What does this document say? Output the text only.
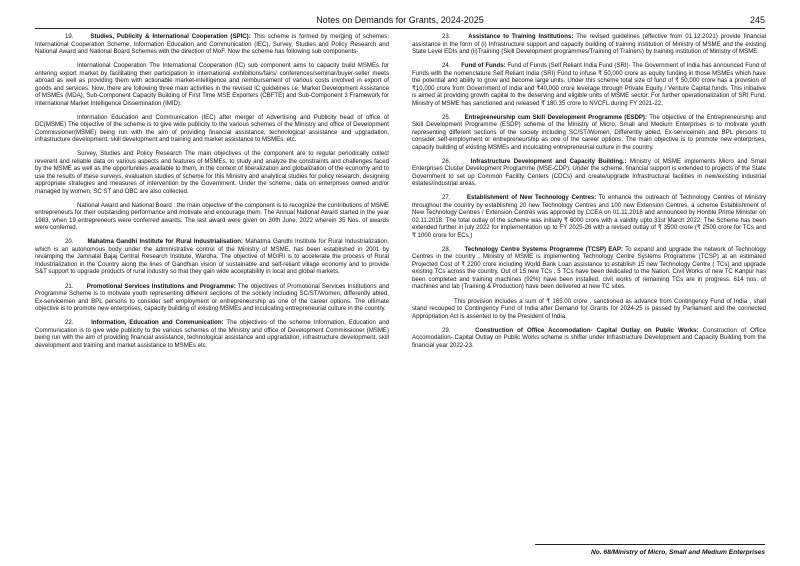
Notes on Demands for Grants, 2024-2025	245

19.	Studies, Publicity & International Cooperation (SPIC): This scheme is formed by merging of schemes: International Cooperation Scheme, Information Education and Communication (IEC), Survey, Studies and Policy Research and National Award and National Board Schemes with the direction of MoF. Now the scheme has following sub components-

International Cooperation The International Cooperation (IC) sub component aims to capacity build MSMEs for entering export market by facilitating their participation in international exhibitions/fairs/ conferences/seminar/buyer-seller meets abroad as well as providing them with actionable market-intelligence and reimbursement of various costs involved in export of goods and services. Now, there are following three main activities in the revised IC guidelines i.e. Market Development Assistance of MSMEs (MDA), Sub-Component Capacity Building of First Time MSE Exporters (CBFTE) and Sub-Component 3 Framework for International Market Intelligence Dissemination (IMID).

Information Education and Communication (IEC) after merger of Advertising and Publicity head of office of DC(MSME) The objective of the scheme is to give wide publicity to the various schemes of the Ministry and office of Development Commissioner(MSME) being run with the aim of providing financial assistance, technological assistance and upgradation, infrastructure development, skill development and training and market assistance to MSMEs, etc.

Survey, Studies and Policy Research The main objectives of the component are to regular periodically collect reverent and reliable data on various aspects and features of MSMEs, to study and analyze the constraints and challenges faced by the MSME as well as the opportunities available to them, in the context of liberalization and globalization of the economy and to use the results of these surveys, evaluation studies of scheme for this Ministry and analytical studies for policy research, designing appropriate strategies and measures of intervention by the Government. Under the scheme, data on enterprises owned and/or managed by women, SC ST and OBC are also collected.

National Award and National Board : the main objective of the component is to recognize the contributions of MSME entrepreneurs for their outstanding performance and motivate and encourage them. The Annual National Award started in the year 1983, when 19 entrepreneurs were conferred awards. The last award were given on 30th June, 2022 wherein 35 Nos. of awards were conferred.

20. Mahatma Gandhi Institute for Rural Industrialisation: Mahatma Gandhi Institute for Rural Industrialization, which is an autonomous body under the administrative control of the Ministry of MSME, has been established in 2001 by revamping the Jamnalal Bajaj Central Research Institute, Wardha. The objective of MGIRI is to accelerate the process of Rural Industrialization in the Country along the lines of Gandhian vision of sustainable and self-reliant village economy and to provide S&T support to upgrade products of rural industry so that they gain wide acceptability in local and global markets.

21. Promotional Services Institutions and Programme: The objectives of Promotional Services Institutions and Programme Scheme is to motivate youth representing different sections of the society including SC/ST/Women, differently abled, Ex-servicemen and BPL persons to consider self employment or entrepreneurship as one of the career options. The ultimate objective is to promote new enterprises, capacity building of existing MSMEs and inculcating entrepreneurial culture in the country.

22.	Information, Education and Communication: The objectives of the scheme Information, Education and Communication is to give wide publicity to the various schemes of the Ministry and office of Development Commissioner (MSME) being run with the aim of providing financial assistance, technological assistance and upgradation, infrastructure development, skill development and training and market assistance to MSMEs etc.

23.	Assistance to Training Institutions: The revised guidelines (effective from 01.12.2021) provide financial assistance in the form of (i) Infrastructure support and capacity building of training institution of Ministry of MSME and the existing State Level EDIs and (ii)Training (Skill Development programmes/Training of Trainers) by training institution of Ministry of MSME.

24. Fund of Funds: Fund of Funds (Self Reliant India Fund (SRI)- The Government of India has announced Fund of Funds with the nomenclature Self Reliant India (SRI) Fund to infuse ₹ 50,000 crore as equity funding in those MSMEs which have the potential and ability to grow and become large units. Under this scheme total size of fund of ₹ 50,000 crore has a provision of ₹10,000 crore from Government of India and ₹40,000 crore leverage through Private Equity / Venture Capital funds. This initiative is aimed at providing growth capital to the deserving and eligible units of MSME sector. For further operationalization of SRI Fund, Ministry of MSME has sanctioned and released ₹ 180.35 crore to NVCFL during FY 2021-22.

25. Entrepreneurship cum Skill Development Programme (ESDP): The objective of the Entrepreneurship and Skill Development Programme (ESDP) scheme of the Ministry of Micro, Small and Medium Enterprises is to motivate youth representing different sections of the society including SC/ST/Women, Differently abled, Ex-servicemen and BPL persons to consider self-employment or entrepreneurship as one of the career options. The main objective is to promote new enterprises, capacity building of existing MSMEs and inculcating entrepreneurial culture in the country.

26.	Infrastructure Development and Capacity Building.: Ministry of MSME implements Micro and Small Enterprises Cluster Development Programme (MSE-CDP). Under the scheme, financial support is extended to projects of the State Government to set up Common Facility Centers (CDCs) and create/upgrade Infrastructural facilities in new/existing industrial estates/industrial areas.

27.	Establishment of New Technology Centres: To enhance the outreach of Technology Centres of Ministry throughout the country by establishing 20 new Technology Centres and 100 new Extension Centres, a scheme Establishment of New Technology Centres / Extension Centres was approved by CCEA on 01.11.2018 and announced by Honble Prime Minister on 02.11.2018. The total outlay of the scheme was initially ₹ 6000 crore with a validity upto 31st March 2022. The Scheme has been extended further in july 2022 for implementation up to FY 2025-26 with a revised outlay of ₹ 3500 crore (₹ 2500 crore for TCs and ₹ 1000 crore for ECs )

28. Technology Centre Systems Programme (TCSP) EAP: To expand and upgrade the network of Technology Centres in the country , Ministry of MSME is implementing Technology Centre Systems Programme (TCSP) at an estimated Projected Cost of ₹ 2200 crore including World Bank Loan assistance to establish 15 new Technology Centre ( TCs) and upgrade existing TCs across the country. Out of 15 new TCs , 5 TCs have been dedicated to the Nation. Civil Works of new TC Kanpur has been completed and training machines (92%) have been installed, civil works of remaining TCs are in progress. 614 nos. of machines and lab (Training & Production) have been delivered at new TC sites.

This provision includes a sum of ₹ 165.00 crore , sanctioned as advance from Contingency Fund of India , shall stand recouped to Contingency Fund of India after Demand for Grants for 2024-25 is passed by Parliament and the connected Appropriation Act is assented to by the President of India.

29.	Construction of Office Accomodation- Capital Outlay on Public Works: Construction of Office Accomodation- Capital Outlay on Public Works scheme is shifter under Infrastructure Development and Capacity Building from the financial year 2022-23.

No. 68/Ministry of Micro, Small and Medium Enterprises
